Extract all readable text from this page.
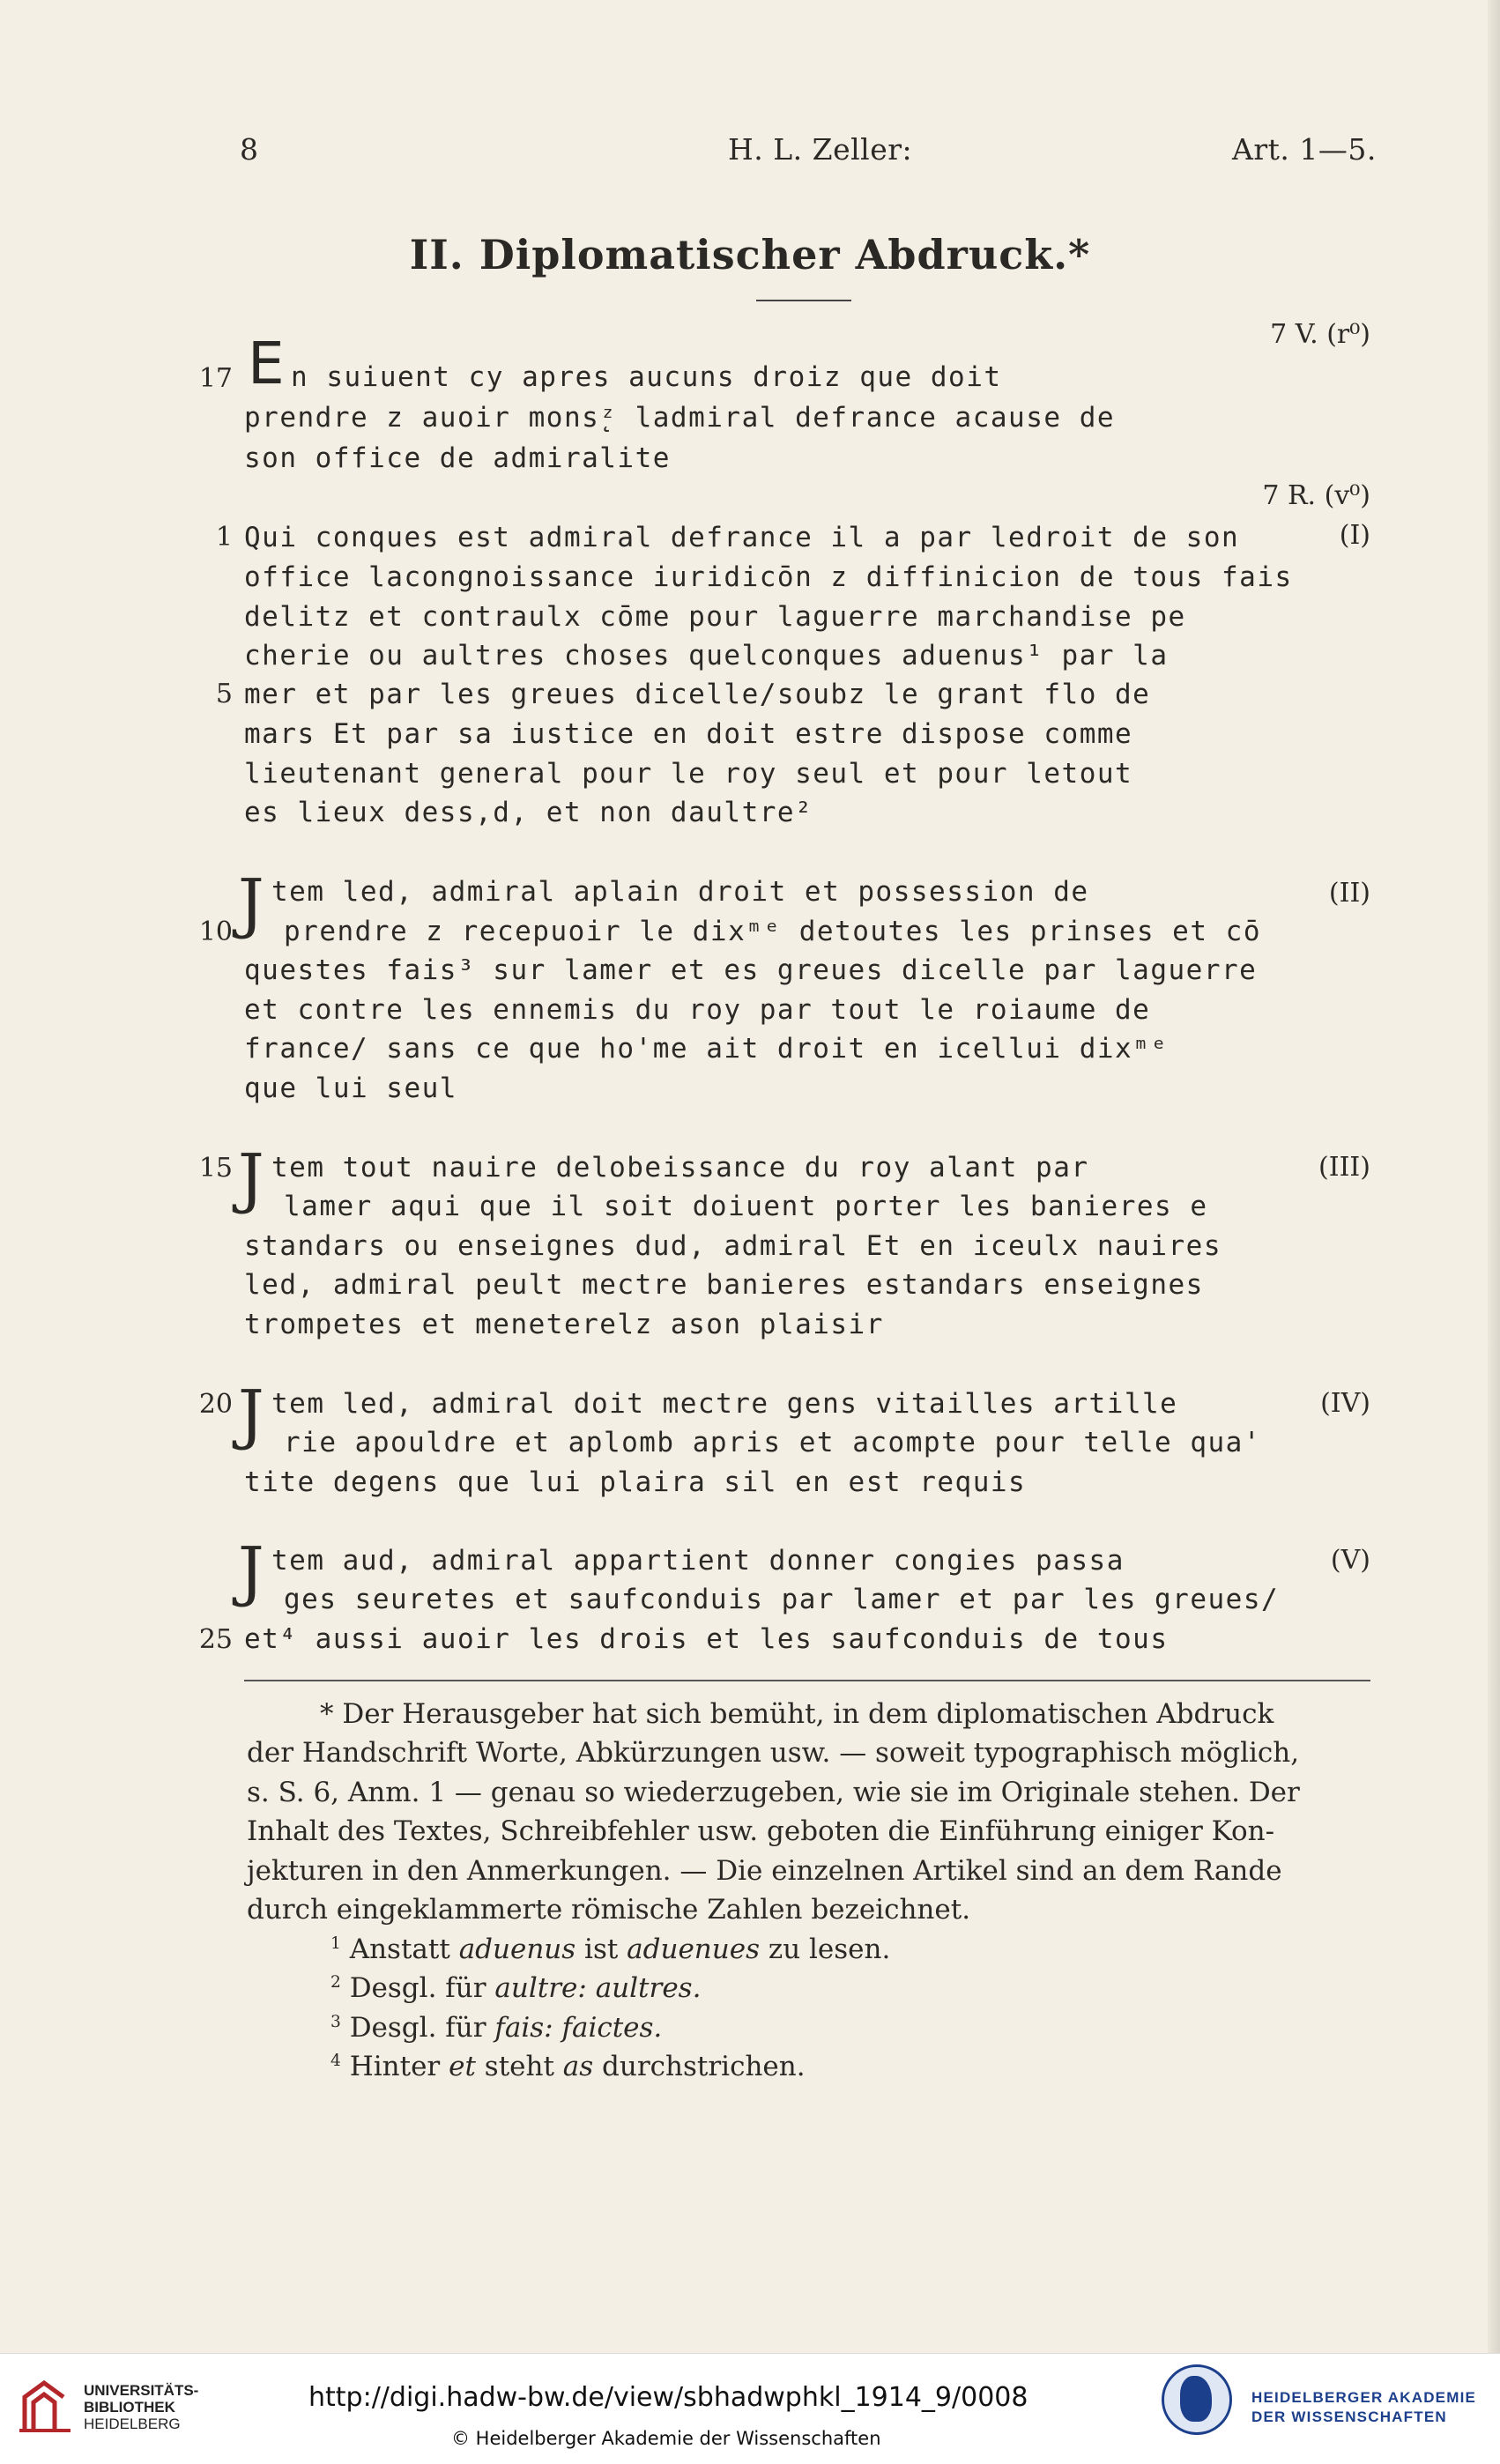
8	H. L. Zeller:	Art. 1—5.
II. Diplomatischer Abdruck.*
7 V. (r⁰)
7 R. (v⁰)
(I)
(II)
(III)
(IV)
(V)
17
1
5
10
15
20
25
E n suiuent cy apres aucuns droiz que doit
prendre z auoir mons̨ᶻ ladmiral defrance acause de
son office de admiralite
Qui conques est admiral defrance il a par ledroit de son
office lacongnoissance iuridicōn z diffinicion de tous fais
delitz et contraulx cōme pour laguerre marchandise pe
cherie ou aultres choses quelconques aduenus¹ par la
mer et par les greues dicelle/soubz le grant flo de
mars Et par sa iustice en doit estre dispose comme
lieutenant general pour le roy seul et pour letout
es lieux dess,d, et non daultre²
J tem led, admiral aplain droit et possession de
prendre z recepuoir le dixᵐᵉ detoutes les prinses et cō
questes fais³ sur lamer et es greues dicelle par laguerre
et contre les ennemis du roy par tout le roiaume de
france/ sans ce que ho'me ait droit en icellui dixᵐᵉ
que lui seul
J tem tout nauire delobeissance du roy alant par
lamer aqui que il soit doiuent porter les banieres e
standars ou enseignes dud, admiral Et en iceulx nauires
led, admiral peult mectre banieres estandars enseignes
trompetes et meneterelz ason plaisir
J tem led, admiral doit mectre gens vitailles artille
rie apouldre et aplomb apris et acompte pour telle qua'
tite degens que lui plaira sil en est requis
J tem aud, admiral appartient donner congies passa
ges seuretes et saufconduis par lamer et par les greues/
et⁴ aussi auoir les drois et les saufconduis de tous
* Der Herausgeber hat sich bemüht, in dem diplomatischen Abdruck
der Handschrift Worte, Abkürzungen usw. — soweit typographisch möglich,
s. S. 6, Anm. 1 — genau so wiederzugeben, wie sie im Originale stehen. Der
Inhalt des Textes, Schreibfehler usw. geboten die Einführung einiger Kon-
jekturen in den Anmerkungen. — Die einzelnen Artikel sind an dem Rande
durch eingeklammerte römische Zahlen bezeichnet.
$^1$ Anstatt aduenus ist aduenues zu lesen.
$^2$ Desgl. für aultre: aultres.
$^3$ Desgl. für fais: faictes.
$^4$ Hinter et steht as durchstrichen.
UNIVERSITÄTS-
BIBLIOTHEK
HEIDELBERG
http://digi.hadw-bw.de/view/sbhadwphkl_1914_9/0008
© Heidelberger Akademie der Wissenschaften
HEIDELBERGER AKADEMIE
DER WISSENSCHAFTEN
